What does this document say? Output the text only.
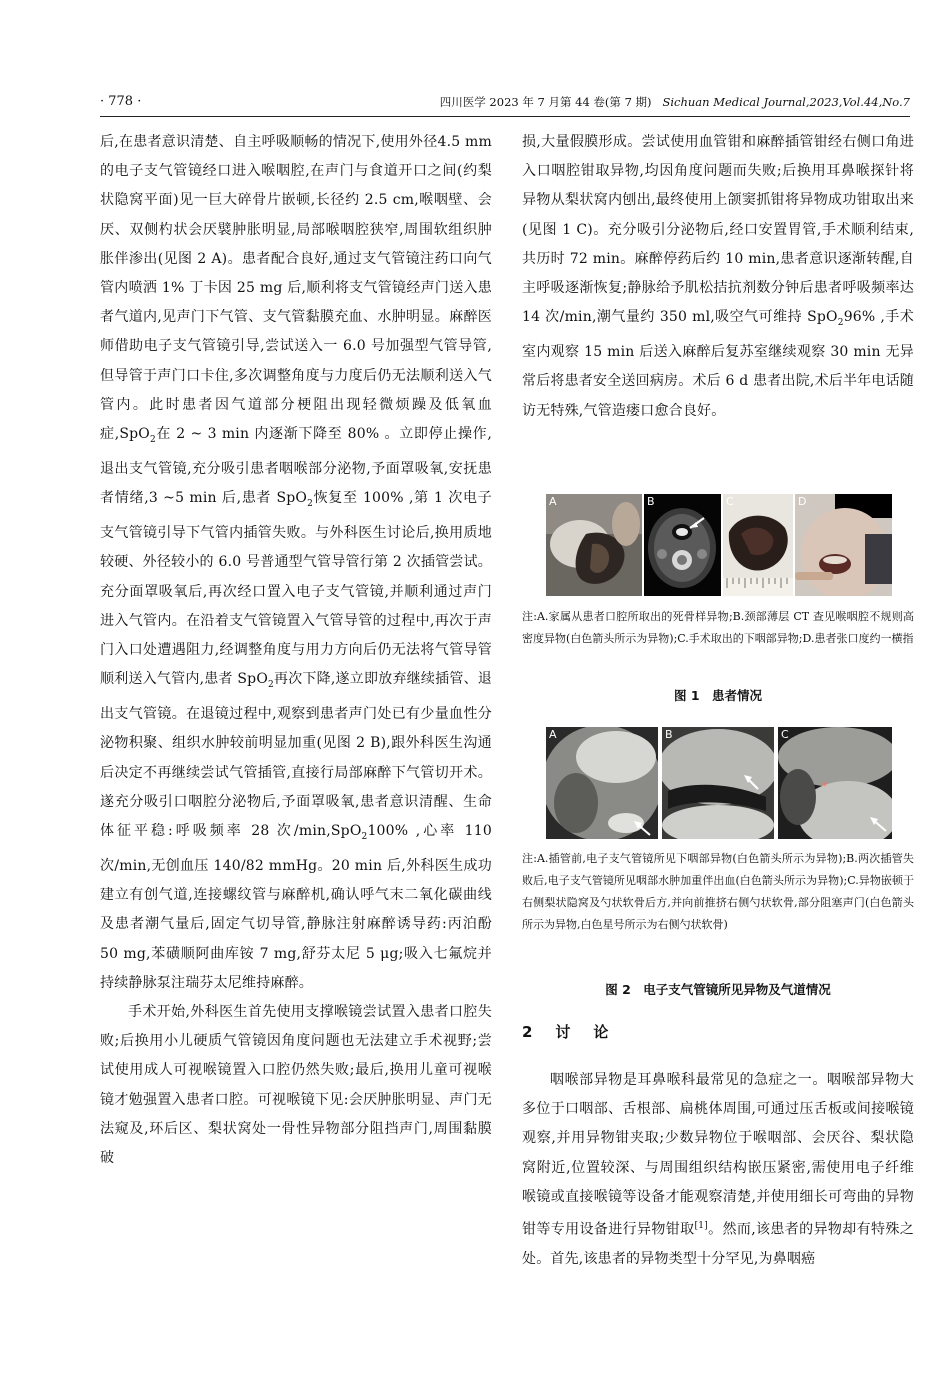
· 778 ·	四川医学 2023 年 7 月第 44 卷(第 7 期) Sichuan Medical Journal,2023,Vol.44,No.7

后,在患者意识清楚、自主呼吸顺畅的情况下,使用外径4.5 mm的电子支气管镜经口进入喉咽腔,在声门与食道开口之间(约梨状隐窝平面)见一巨大碎骨片嵌顿,长径约 2.5 cm,喉咽壁、会厌、双侧杓状会厌襞肿胀明显,局部喉咽腔狭窄,周围软组织肿胀伴渗出(见图 2 A)。患者配合良好,通过支气管镜注药口向气管内喷洒 1% 丁卡因 25 mg 后,顺利将支气管镜经声门送入患者气道内,见声门下气管、支气管黏膜充血、水肿明显。麻醉医师借助电子支气管镜引导,尝试送入一 6.0 号加强型气管导管,但导管于声门口卡住,多次调整角度与力度后仍无法顺利送入气管内。此时患者因气道部分梗阻出现轻微烦躁及低氧血症,SpO$_2$在 2 ~ 3 min 内逐渐下降至 80% 。立即停止操作,退出支气管镜,充分吸引患者咽喉部分泌物,予面罩吸氧,安抚患者情绪,3 ~5 min 后,患者 SpO$_2$恢复至 100% ,第 1 次电子支气管镜引导下气管内插管失败。与外科医生讨论后,换用质地较硬、外径较小的 6.0 号普通型气管导管行第 2 次插管尝试。充分面罩吸氧后,再次经口置入电子支气管镜,并顺利通过声门进入气管内。在沿着支气管镜置入气管导管的过程中,再次于声门入口处遭遇阻力,经调整角度与用力方向后仍无法将气管导管顺利送入气管内,患者 SpO$_2$再次下降,遂立即放弃继续插管、退出支气管镜。在退镜过程中,观察到患者声门处已有少量血性分泌物积聚、组织水肿较前明显加重(见图 2 B),跟外科医生沟通后决定不再继续尝试气管插管,直接行局部麻醉下气管切开术。遂充分吸引口咽腔分泌物后,予面罩吸氧,患者意识清醒、生命体征平稳:呼吸频率 28 次/min,SpO$_2$100% ,心率 110 次/min,无创血压 140/82 mmHg。20 min 后,外科医生成功建立有创气道,连接螺纹管与麻醉机,确认呼气末二氧化碳曲线及患者潮气量后,固定气切导管,静脉注射麻醉诱导药:丙泊酚 50 mg,苯磺顺阿曲库铵 7 mg,舒芬太尼 5 μg;吸入七氟烷并持续静脉泵注瑞芬太尼维持麻醉。

手术开始,外科医生首先使用支撑喉镜尝试置入患者口腔失败;后换用小儿硬质气管镜因角度问题也无法建立手术视野;尝试使用成人可视喉镜置入口腔仍然失败;最后,换用儿童可视喉镜才勉强置入患者口腔。可视喉镜下见:会厌肿胀明显、声门无法窥及,环后区、梨状窝处一骨性异物部分阻挡声门,周围黏膜破

损,大量假膜形成。尝试使用血管钳和麻醉插管钳经右侧口角进入口咽腔钳取异物,均因角度问题而失败;后换用耳鼻喉探针将异物从梨状窝内刨出,最终使用上颌窦抓钳将异物成功钳取出来(见图 1 C)。充分吸引分泌物后,经口安置胃管,手术顺利结束,共历时 72 min。麻醉停药后约 10 min,患者意识逐渐转醒,自主呼吸逐渐恢复;静脉给予肌松拮抗剂数分钟后患者呼吸频率达 14 次/min,潮气量约 350 ml,吸空气可维持 SpO$_2$96% ,手术室内观察 15 min 后送入麻醉后复苏室继续观察 30 min 无异常后将患者安全送回病房。术后 6 d 患者出院,术后半年电话随访无特殊,气管造瘘口愈合良好。

A	B	C	D
注:A.家属从患者口腔所取出的死骨样异物;B.颈部薄层 CT 查见喉咽腔不规则高密度异物(白色箭头所示为异物);C.手术取出的下咽部异物;D.患者张口度约一横指
图 1　患者情况
A	B
*
C
注:A.插管前,电子支气管镜所见下咽部异物(白色箭头所示为异物);B.两次插管失败后,电子支气管镜所见咽部水肿加重伴出血(白色箭头所示为异物);C.异物嵌顿于右侧梨状隐窝及勺状软骨后方,并向前推挤右侧勺状软骨,部分阻塞声门(白色箭头所示为异物,白色星号所示为右侧勺状软骨)
图 2　电子支气管镜所见异物及气道情况
2　讨　论

咽喉部异物是耳鼻喉科最常见的急症之一。咽喉部异物大多位于口咽部、舌根部、扁桃体周围,可通过压舌板或间接喉镜观察,并用异物钳夹取;少数异物位于喉咽部、会厌谷、梨状隐窝附近,位置较深、与周围组织结构嵌压紧密,需使用电子纤维喉镜或直接喉镜等设备才能观察清楚,并使用细长可弯曲的异物钳等专用设备进行异物钳取[1]。然而,该患者的异物却有特殊之处。首先,该患者的异物类型十分罕见,为鼻咽癌
